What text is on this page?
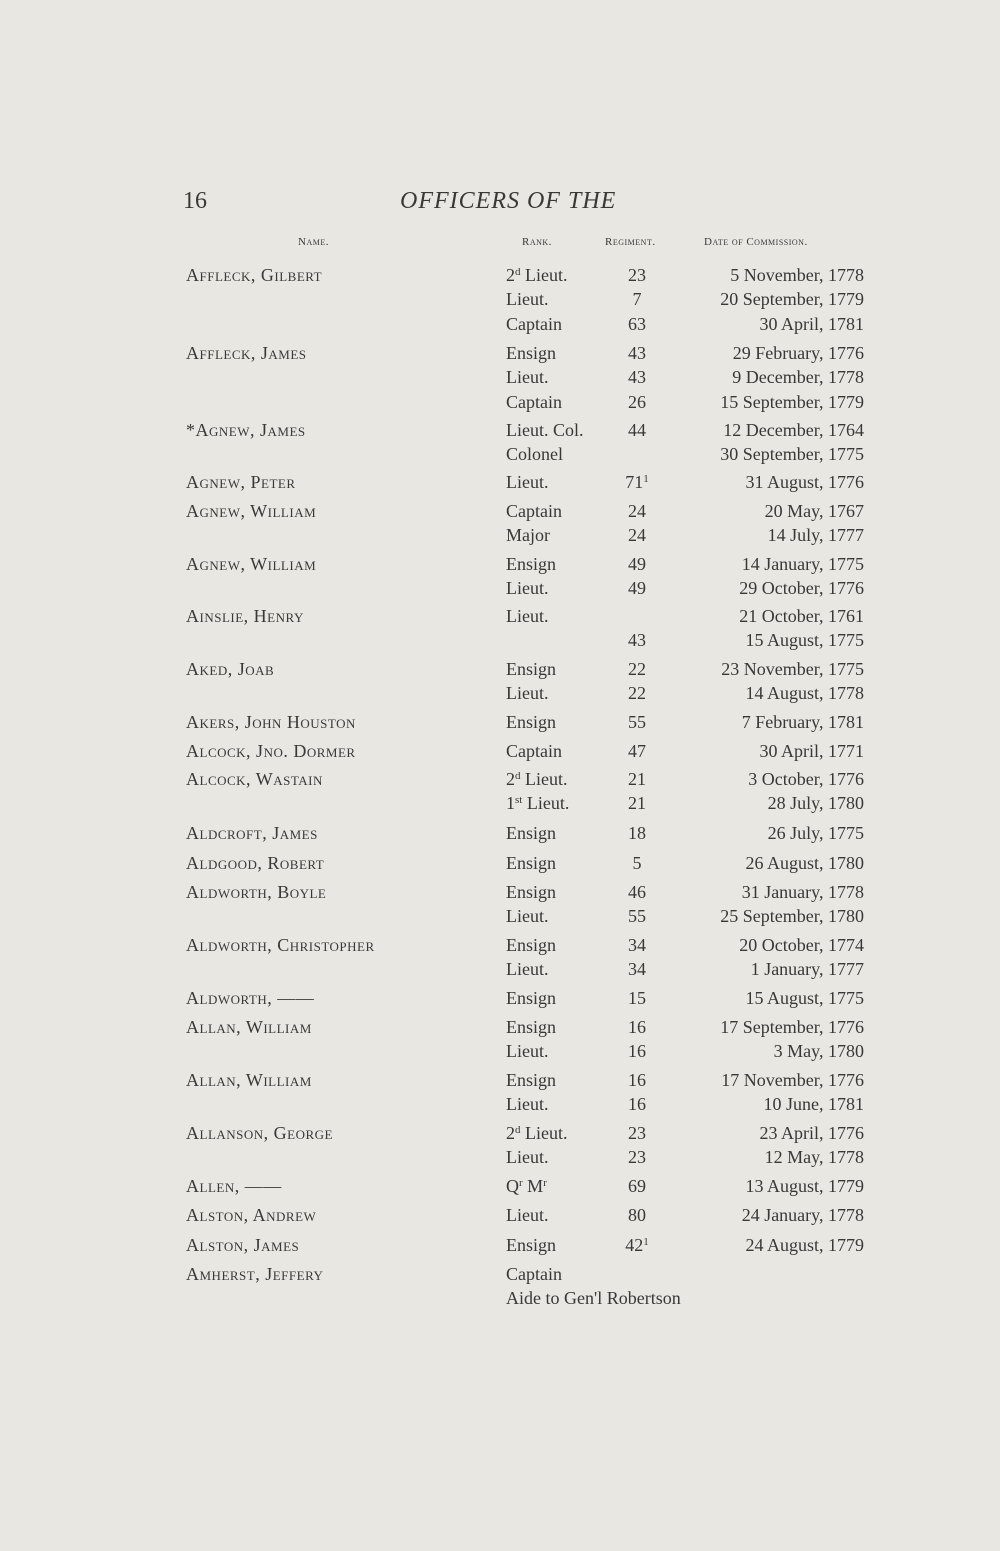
16	OFFICERS OF THE
Name.	Rank.	Regiment.	Date of Commission.
Affleck, Gilbert	2$^d$ Lieut.	23	5 November, 1778
Lieut.	7	20 September, 1779
Captain	63	30 April, 1781
Affleck, James	Ensign	43	29 February, 1776
Lieut.	43	9 December, 1778
Captain	26	15 September, 1779
*Agnew, James	Lieut. Col.	44	12 December, 1764
Colonel	30 September, 1775
Agnew, Peter	Lieut.	$71^1$	31 August, 1776
Agnew, William	Captain	24	20 May, 1767
Major	24	14 July, 1777
Agnew, William	Ensign	49	14 January, 1775
Lieut.	49	29 October, 1776
Ainslie, Henry	Lieut.	21 October, 1761
43	15 August, 1775
Aked, Joab	Ensign	22	23 November, 1775
Lieut.	22	14 August, 1778
Akers, John Houston	Ensign	55	7 February, 1781
Alcock, Jno. Dormer	Captain	47	30 April, 1771
Alcock, Wastain	2$^d$ Lieut.	21	3 October, 1776
1st Lieut.	21	28 July, 1780
Aldcroft, James	Ensign	18	26 July, 1775
Aldgood, Robert	Ensign	5	26 August, 1780
Aldworth, Boyle	Ensign	46	31 January, 1778
Lieut.	55	25 September, 1780
Aldworth, Christopher	Ensign	34	20 October, 1774
Lieut.	34	1 January, 1777
Aldworth, ——	Ensign	15	15 August, 1775
Allan, William	Ensign	16	17 September, 1776
Lieut.	16	3 May, 1780
Allan, William	Ensign	16	17 November, 1776
Lieut.	16	10 June, 1781
Allanson, George	2$^d$ Lieut.	23	23 April, 1776
Lieut.	23	12 May, 1778
Allen, ——	$Q^r$ $M^r$	69	13 August, 1779
Alston, Andrew	Lieut.	80	24 January, 1778
Alston, James	Ensign	$42^1$	24 August, 1779
Amherst, Jeffery	Captain
Aide to Gen'l Robertson
